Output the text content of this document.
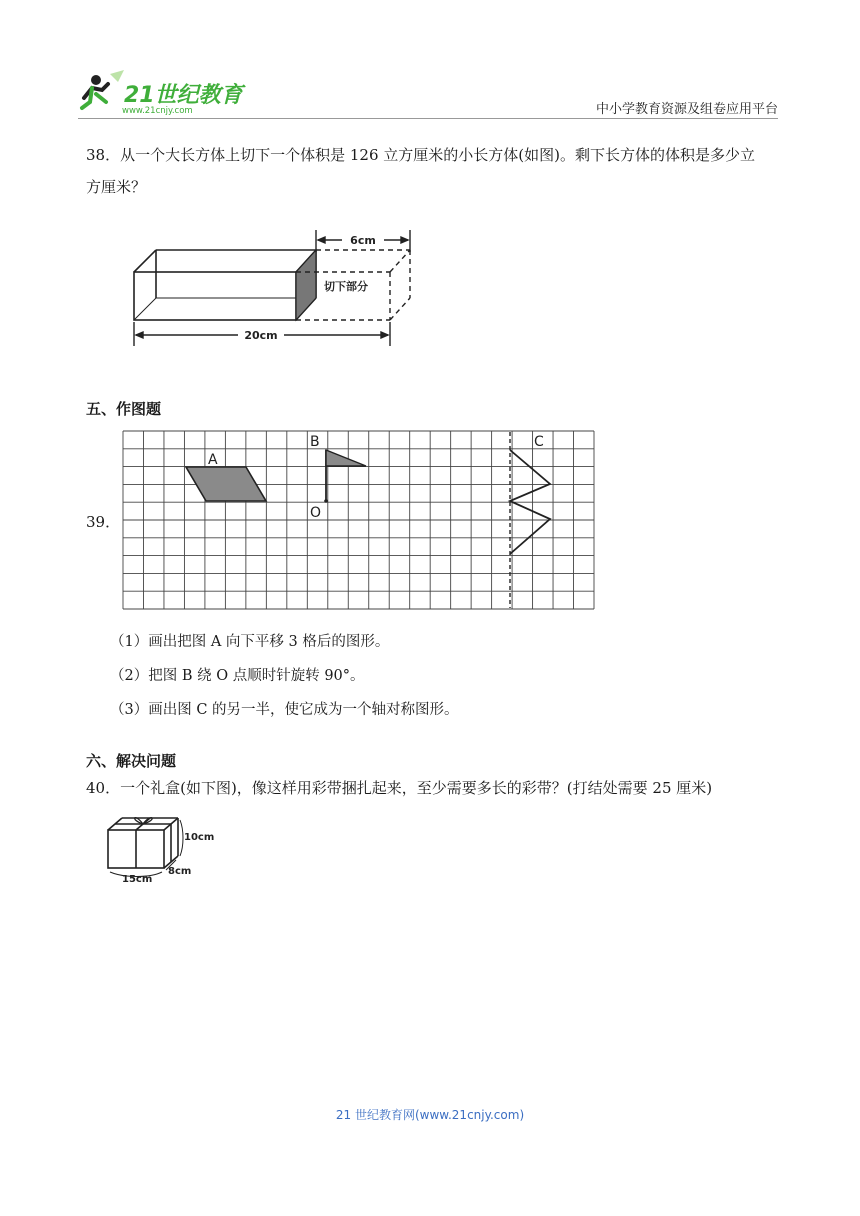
21世纪教育
www.21cnjy.com	中小学教育资源及组卷应用平台
38．从一个大长方体上切下一个体积是 126 立方厘米的小长方体(如图)。剩下长方体的体积是多少立
方厘米？
切下部分
6cm
20cm
五、作图题
39．
A
B
O
C
（1）画出把图 A 向下平移 3 格后的图形。
（2）把图 B 绕 O 点顺时针旋转 90°。
（3）画出图 C 的另一半，使它成为一个轴对称图形。
六、解决问题
40．一个礼盒(如下图)，像这样用彩带捆扎起来，至少需要多长的彩带？(打结处需要 25 厘米)
10cm
15cm
8cm
21 世纪教育网(www.21cnjy.com)
